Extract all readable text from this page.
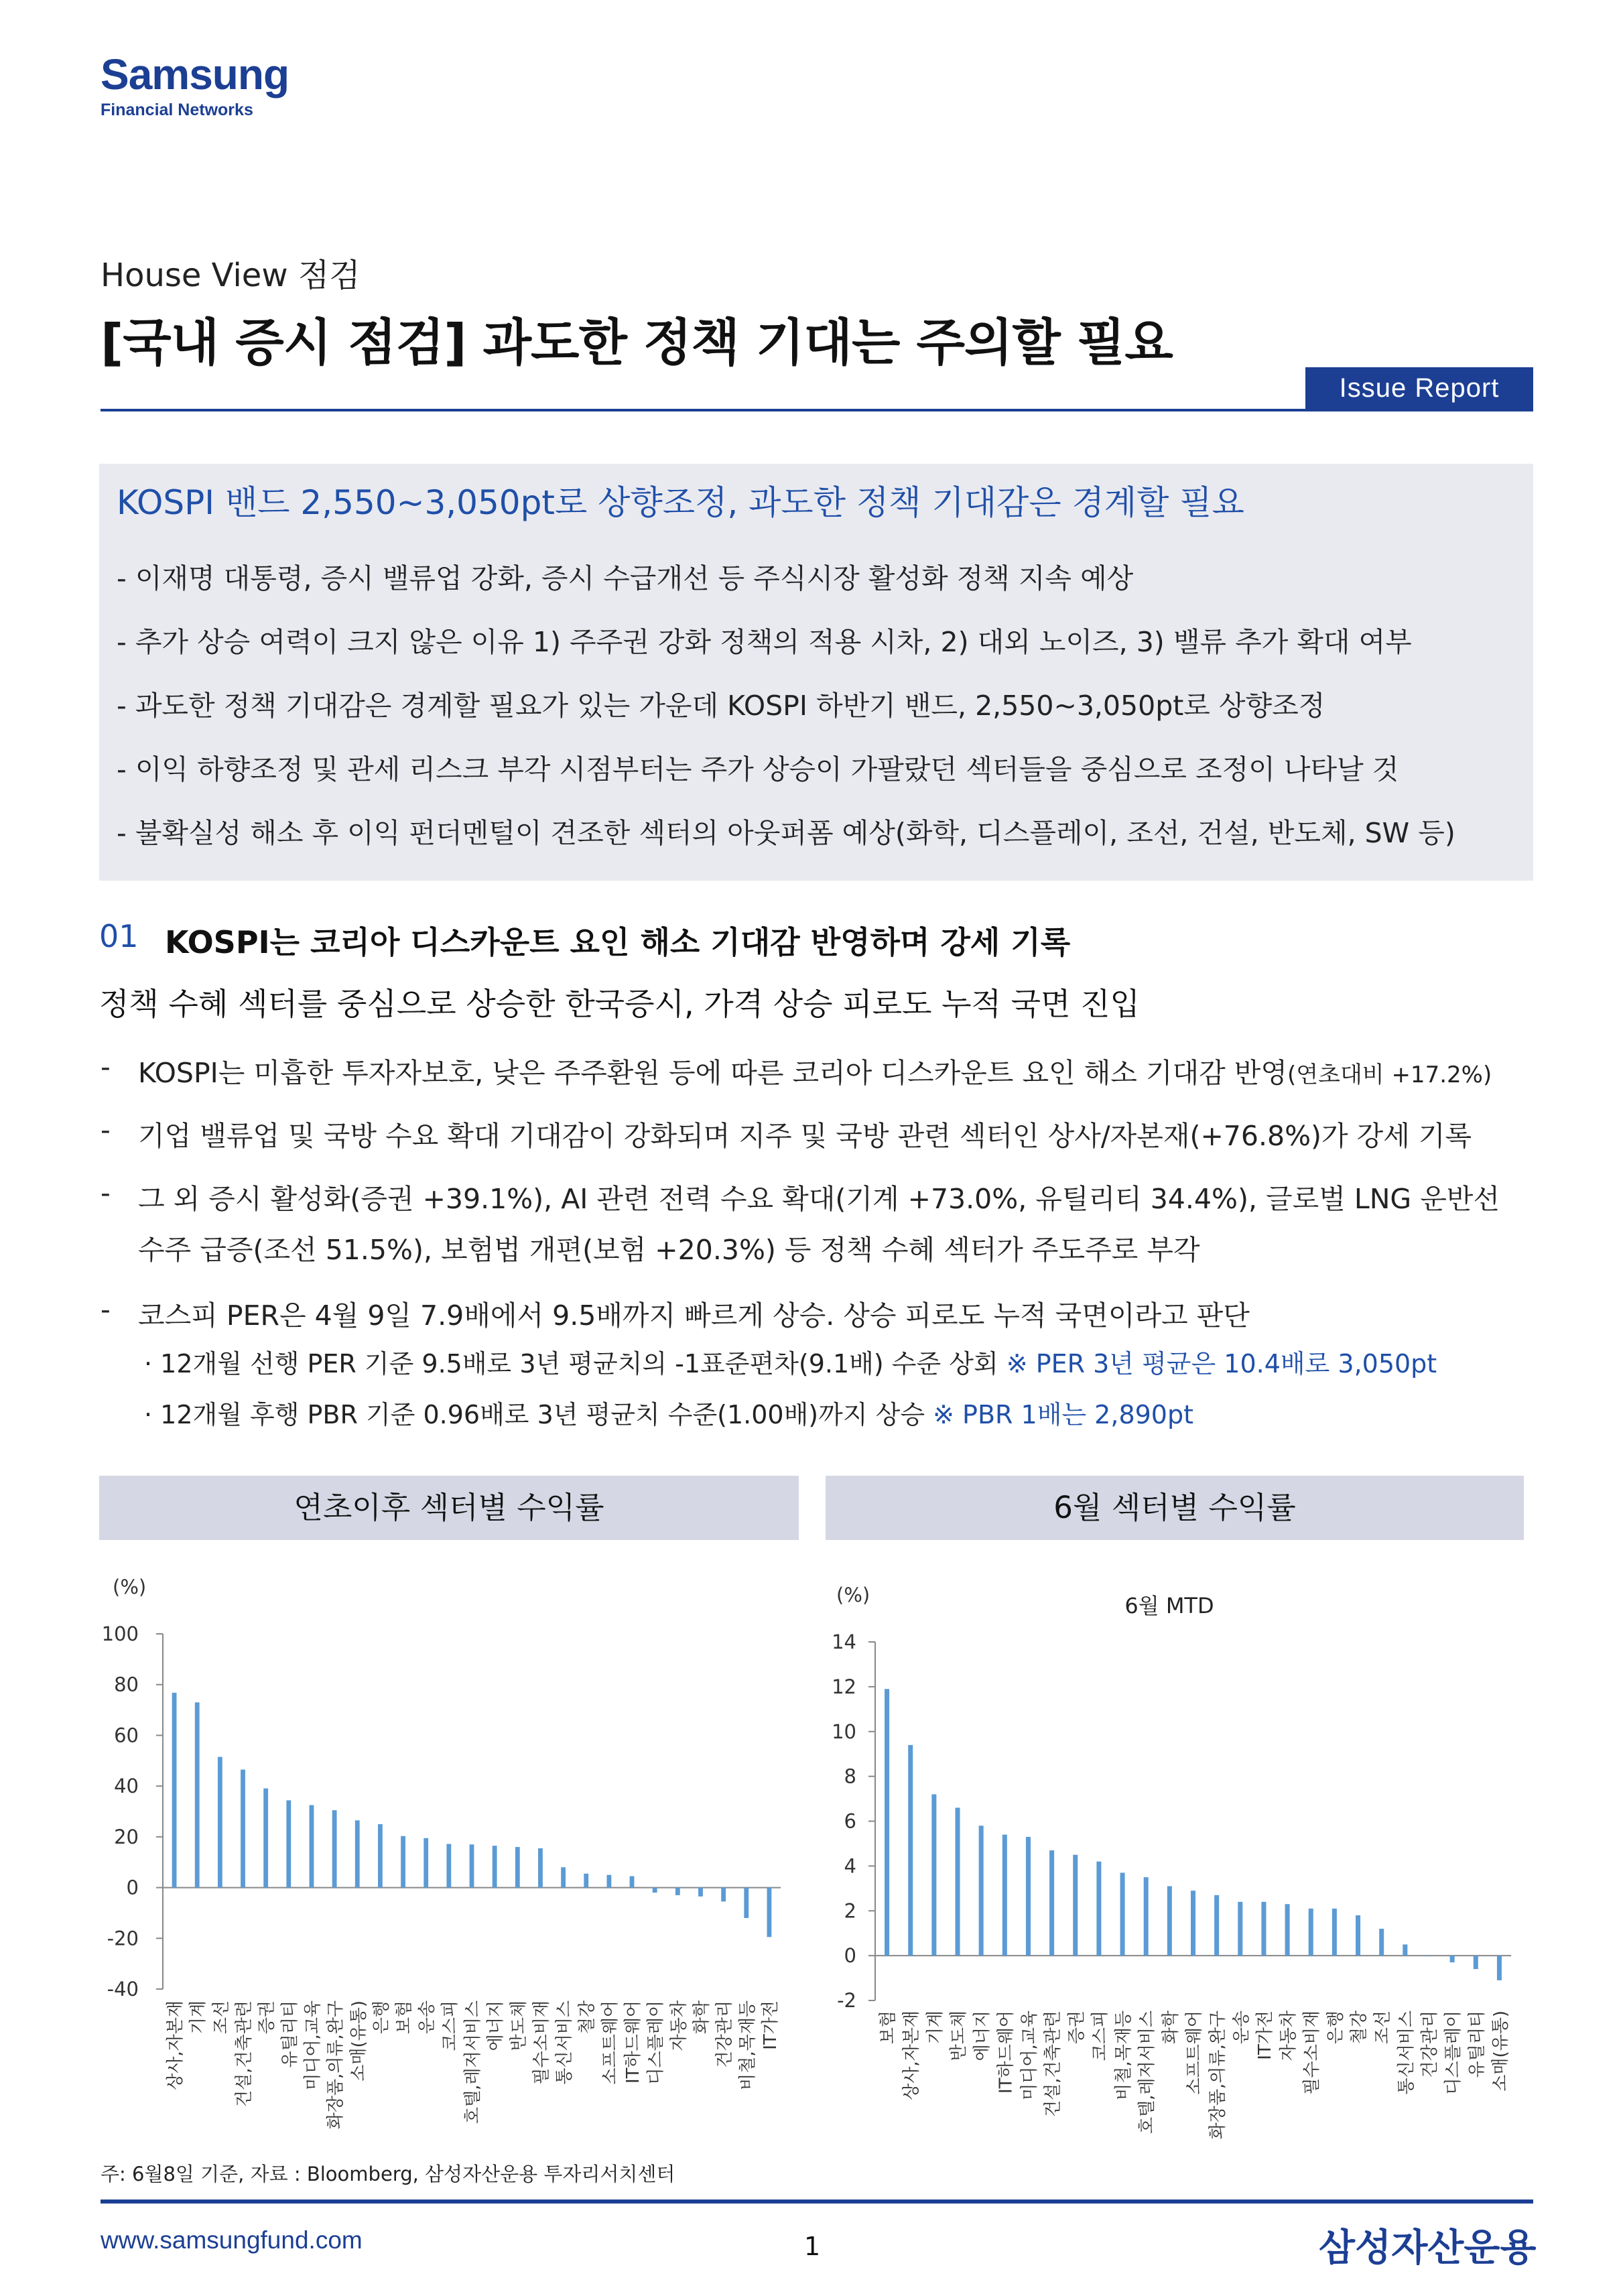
Samsung
Financial Networks
House View 점검
[국내 증시 점검] 과도한 정책 기대는 주의할 필요
Issue Report
KOSPI 밴드 2,550~3,050pt로 상향조정, 과도한 정책 기대감은 경계할 필요
- 이재명 대통령, 증시 밸류업 강화, 증시 수급개선 등 주식시장 활성화 정책 지속 예상
- 추가 상승 여력이 크지 않은 이유 1) 주주권 강화 정책의 적용 시차, 2) 대외 노이즈, 3) 밸류 추가 확대 여부
- 과도한 정책 기대감은 경계할 필요가 있는 가운데 KOSPI 하반기 밴드, 2,550~3,050pt로 상향조정
- 이익 하향조정 및 관세 리스크 부각 시점부터는 주가 상승이 가팔랐던 섹터들을 중심으로 조정이 나타날 것
- 불확실성 해소 후 이익 펀더멘털이 견조한 섹터의 아웃퍼폼 예상(화학, 디스플레이, 조선, 건설, 반도체, SW 등)
01 KOSPI는 코리아 디스카운트 요인 해소 기대감 반영하며 강세 기록
정책 수혜 섹터를 중심으로 상승한 한국증시, 가격 상승 피로도 누적 국면 진입
- KOSPI는 미흡한 투자자보호, 낮은 주주환원 등에 따른 코리아 디스카운트 요인 해소 기대감 반영(연초대비 +17.2%)
- 기업 밸류업 및 국방 수요 확대 기대감이 강화되며 지주 및 국방 관련 섹터인 상사/자본재(+76.8%)가 강세 기록
- 그 외 증시 활성화(증권 +39.1%), AI 관련 전력 수요 확대(기계 +73.0%, 유틸리티 34.4%), 글로벌 LNG 운반선
수주 급증(조선 51.5%), 보험법 개편(보험 +20.3%) 등 정책 수혜 섹터가 주도주로 부각
- 코스피 PER은 4월 9일 7.9배에서 9.5배까지 빠르게 상승. 상승 피로도 누적 국면이라고 판단
· 12개월 선행 PER 기준 9.5배로 3년 평균치의 -1표준편차(9.1배) 수준 상회 ※ PER 3년 평균은 10.4배로 3,050pt
· 12개월 후행 PBR 기준 0.96배로 3년 평균치 수준(1.00배)까지 상승 ※ PBR 1배는 2,890pt
연초이후 섹터별 수익률	6월 섹터별 수익률
(%)
-40
-20
0
20
40
60
80
100
상사,자본재 기계 조선 건설,건축관련 증권 유틸리티 미디어,교육 화장품,의류,완구 소매(유통) 은행 보험 운송 코스피 호텔,레저서비스 에너지 반도체 필수소비재 통신서비스 철강 소프트웨어 IT하드웨어 디스플레이 자동차 화학 건강관리 비철,목재등 IT가전
(%)	6월 MTD
-2
0
2
4
6
8
10
12
14
보험 상사,자본재 기계 반도체 에너지 IT하드웨어 미디어,교육 건설,건축관련 증권 코스피 비철,목재등 호텔,레저서비스 화학 소프트웨어 화장품,의류,완구 운송 IT가전 자동차 필수소비재 은행 철강 조선 통신서비스 건강관리 디스플레이 유틸리티 소매(유통)
주: 6월8일 기준, 자료 : Bloomberg, 삼성자산운용 투자리서치센터
www.samsungfund.com	1	삼성자산운용
